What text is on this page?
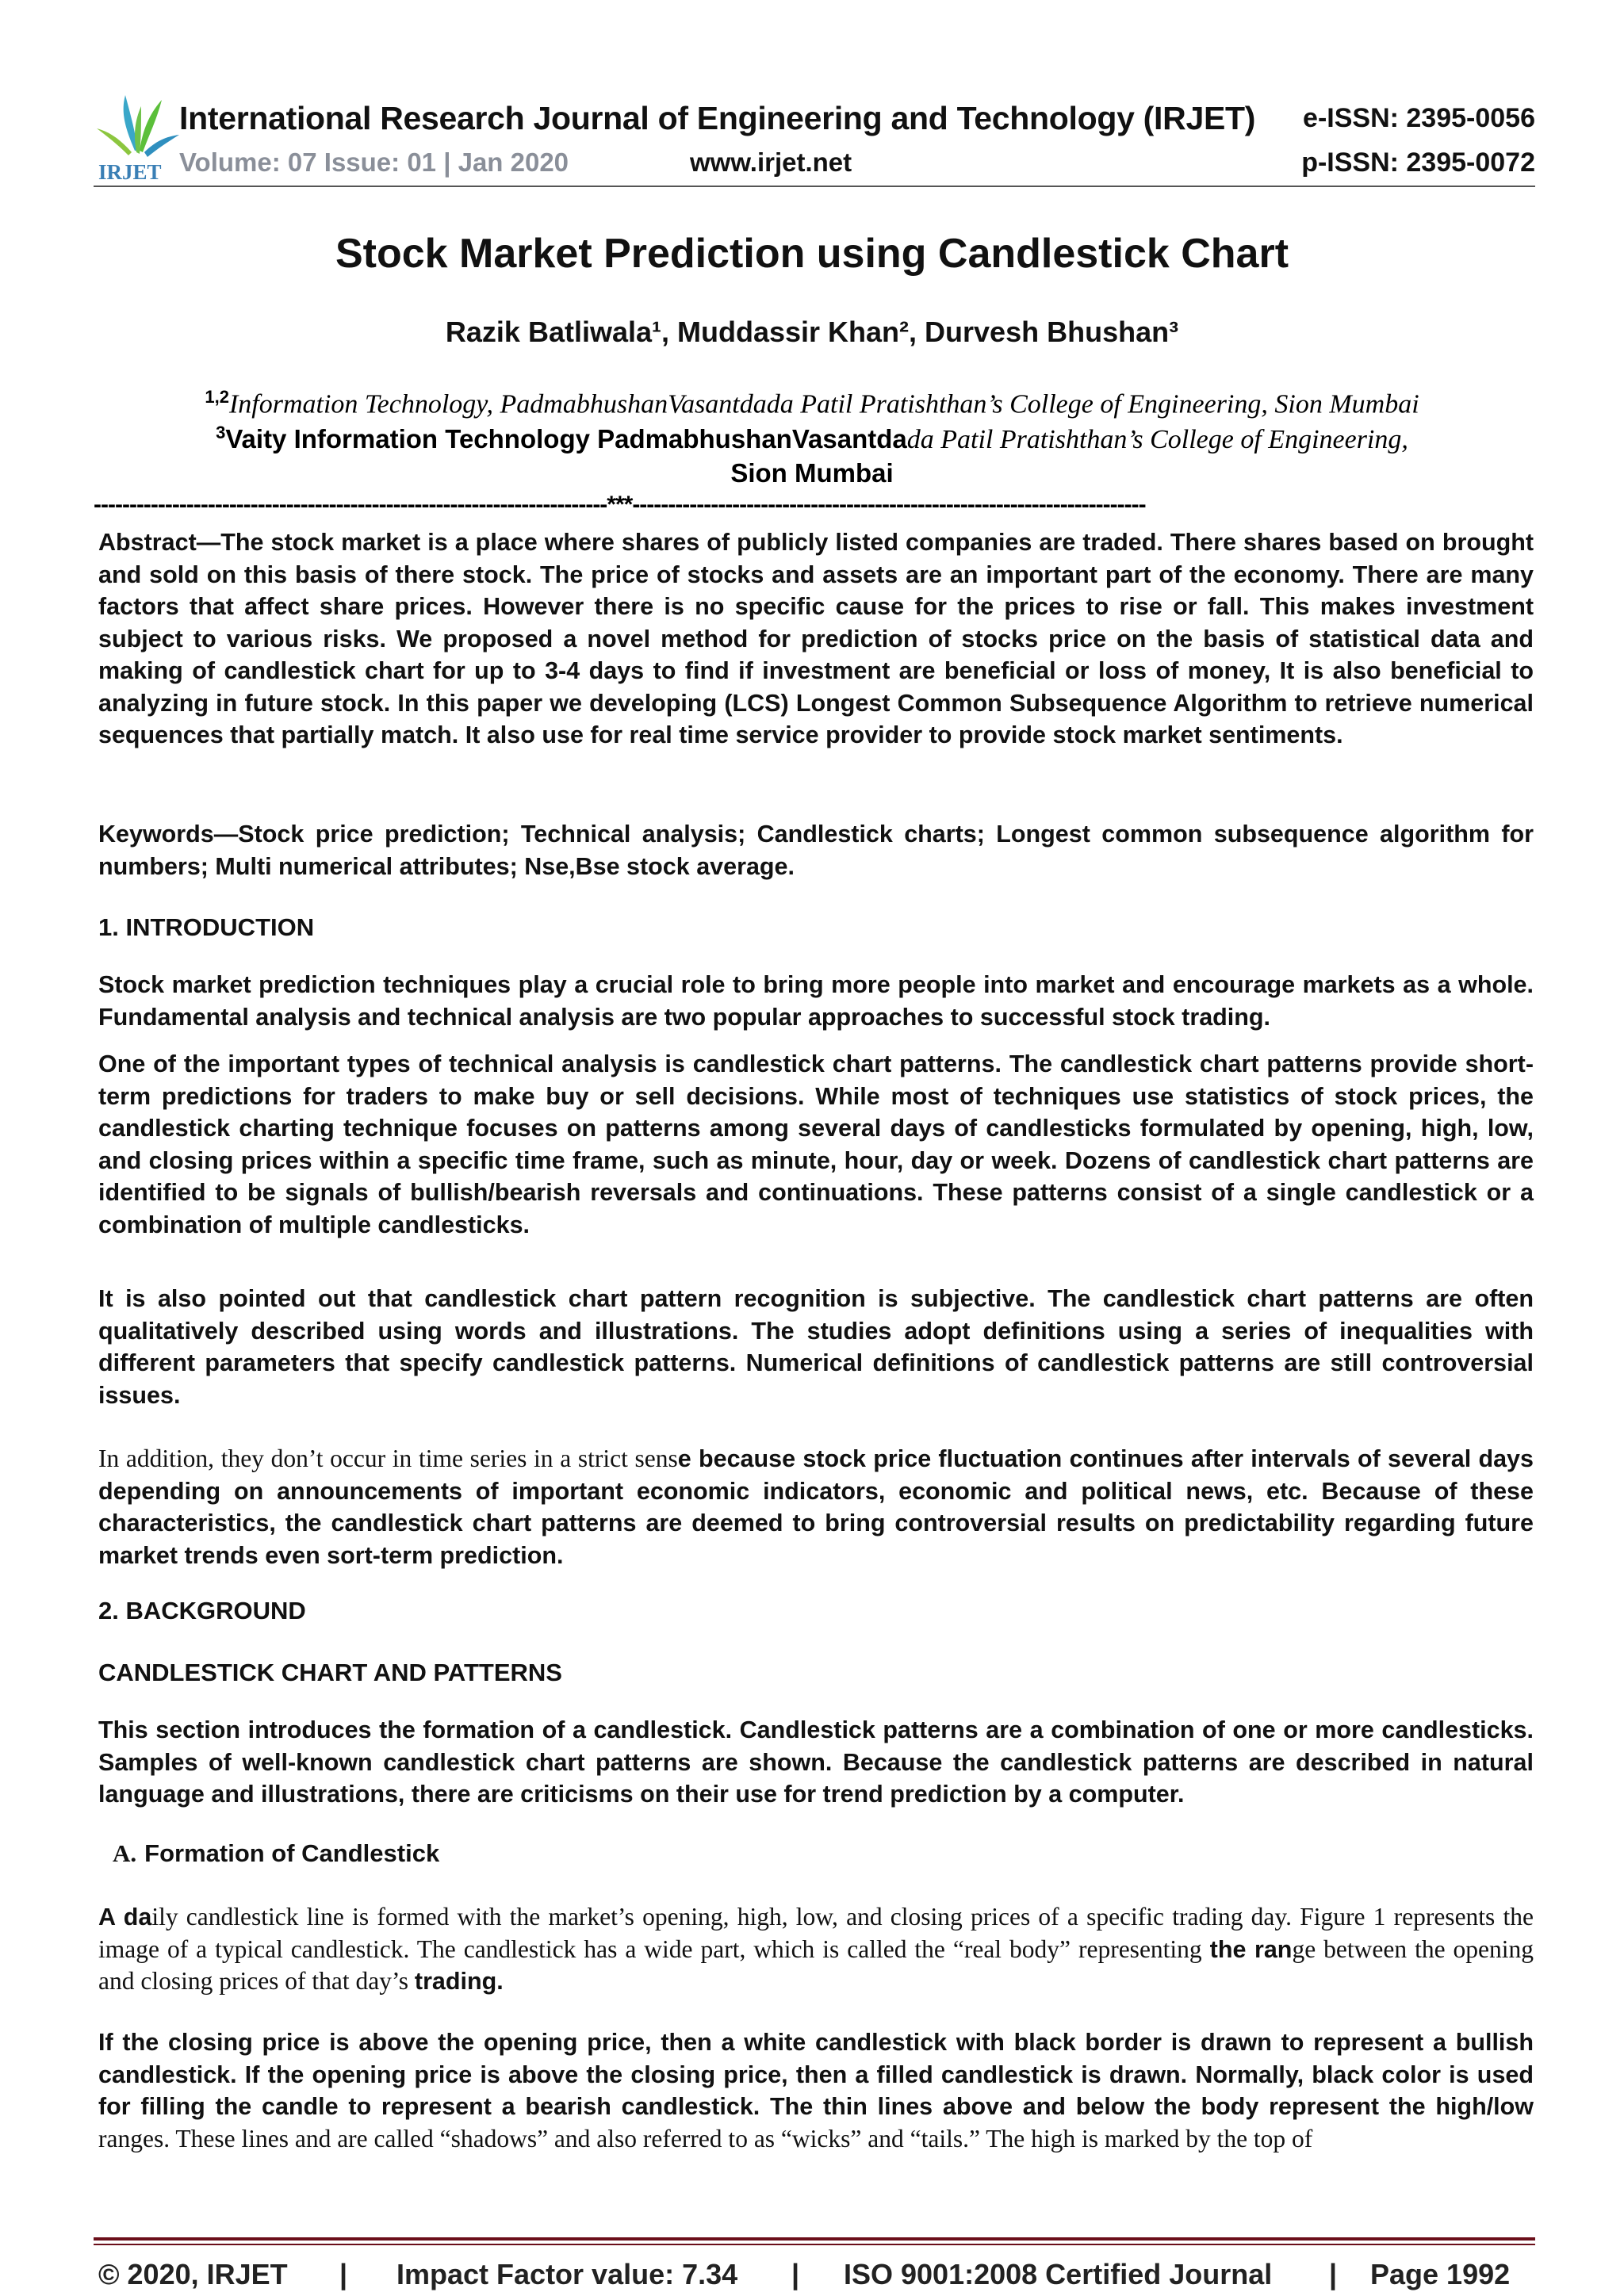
IRJET
International Research Journal of Engineering and Technology (IRJET) e-ISSN: 2395-0056
Volume: 07 Issue: 01 | Jan 2020	www.irjet.net	p-ISSN: 2395-0072
Stock Market Prediction using Candlestick Chart
Razik Batliwala¹, Muddassir Khan², Durvesh Bhushan³
$^{1,2}$Information Technology, PadmabhushanVasantdada Patil Pratishthan’s College of Engineering, Sion Mumbai
$^3$Vaity Information Technology PadmabhushanVasantdada Patil Pratishthan’s College of Engineering,
Sion Mumbai
------------------------------------------------------------------------***------------------------------------------------------------------------

Abstract—The stock market is a place where shares of publicly listed companies are traded. There shares based on brought and sold on this basis of there stock. The price of stocks and assets are an important part of the economy. There are many factors that affect share prices. However there is no specific cause for the prices to rise or fall. This makes investment subject to various risks. We proposed a novel method for prediction of stocks price on the basis of statistical data and making of candlestick chart for up to 3-4 days to find if investment are beneficial or loss of money, It is also beneficial to analyzing in future stock. In this paper we developing (LCS) Longest Common Subsequence Algorithm to retrieve numerical sequences that partially match. It also use for real time service provider to provide stock market sentiments.

Keywords—Stock price prediction; Technical analysis; Candlestick charts; Longest common subsequence algorithm for numbers; Multi numerical attributes; Nse,Bse stock average.

1. INTRODUCTION

Stock market prediction techniques play a crucial role to bring more people into market and encourage markets as a whole. Fundamental analysis and technical analysis are two popular approaches to successful stock trading.

One of the important types of technical analysis is candlestick chart patterns. The candlestick chart patterns provide short-term predictions for traders to make buy or sell decisions. While most of techniques use statistics of stock prices, the candlestick charting technique focuses on patterns among several days of candlesticks formulated by opening, high, low, and closing prices within a specific time frame, such as minute, hour, day or week. Dozens of candlestick chart patterns are identified to be signals of bullish/bearish reversals and continuations. These patterns consist of a single candlestick or a combination of multiple candlesticks.

It is also pointed out that candlestick chart pattern recognition is subjective. The candlestick chart patterns are often qualitatively described using words and illustrations. The studies adopt definitions using a series of inequalities with different parameters that specify candlestick patterns. Numerical definitions of candlestick patterns are still controversial issues.

In addition, they don’t occur in time series in a strict sense because stock price fluctuation continues after intervals of several days depending on announcements of important economic indicators, economic and political news, etc. Because of these characteristics, the candlestick chart patterns are deemed to bring controversial results on predictability regarding future market trends even sort-term prediction.

2. BACKGROUND

CANDLESTICK CHART AND PATTERNS

This section introduces the formation of a candlestick. Candlestick patterns are a combination of one or more candlesticks. Samples of well-known candlestick chart patterns are shown. Because the candlestick patterns are described in natural language and illustrations, there are criticisms on their use for trend prediction by a computer.

A. Formation of Candlestick

A daily candlestick line is formed with the market’s opening, high, low, and closing prices of a specific trading day. Figure 1 represents the image of a typical candlestick. The candlestick has a wide part, which is called the “real body” representing the range between the opening and closing prices of that day’s trading.

If the closing price is above the opening price, then a white candlestick with black border is drawn to represent a bullish candlestick. If the opening price is above the closing price, then a filled candlestick is drawn. Normally, black color is used for filling the candle to represent a bearish candlestick. The thin lines above and below the body represent the high/low ranges. These lines and are called “shadows” and also referred to as “wicks” and “tails.” The high is marked by the top of

© 2020, IRJET | Impact Factor value: 7.34 | ISO 9001:2008 Certified Journal | Page 1992
